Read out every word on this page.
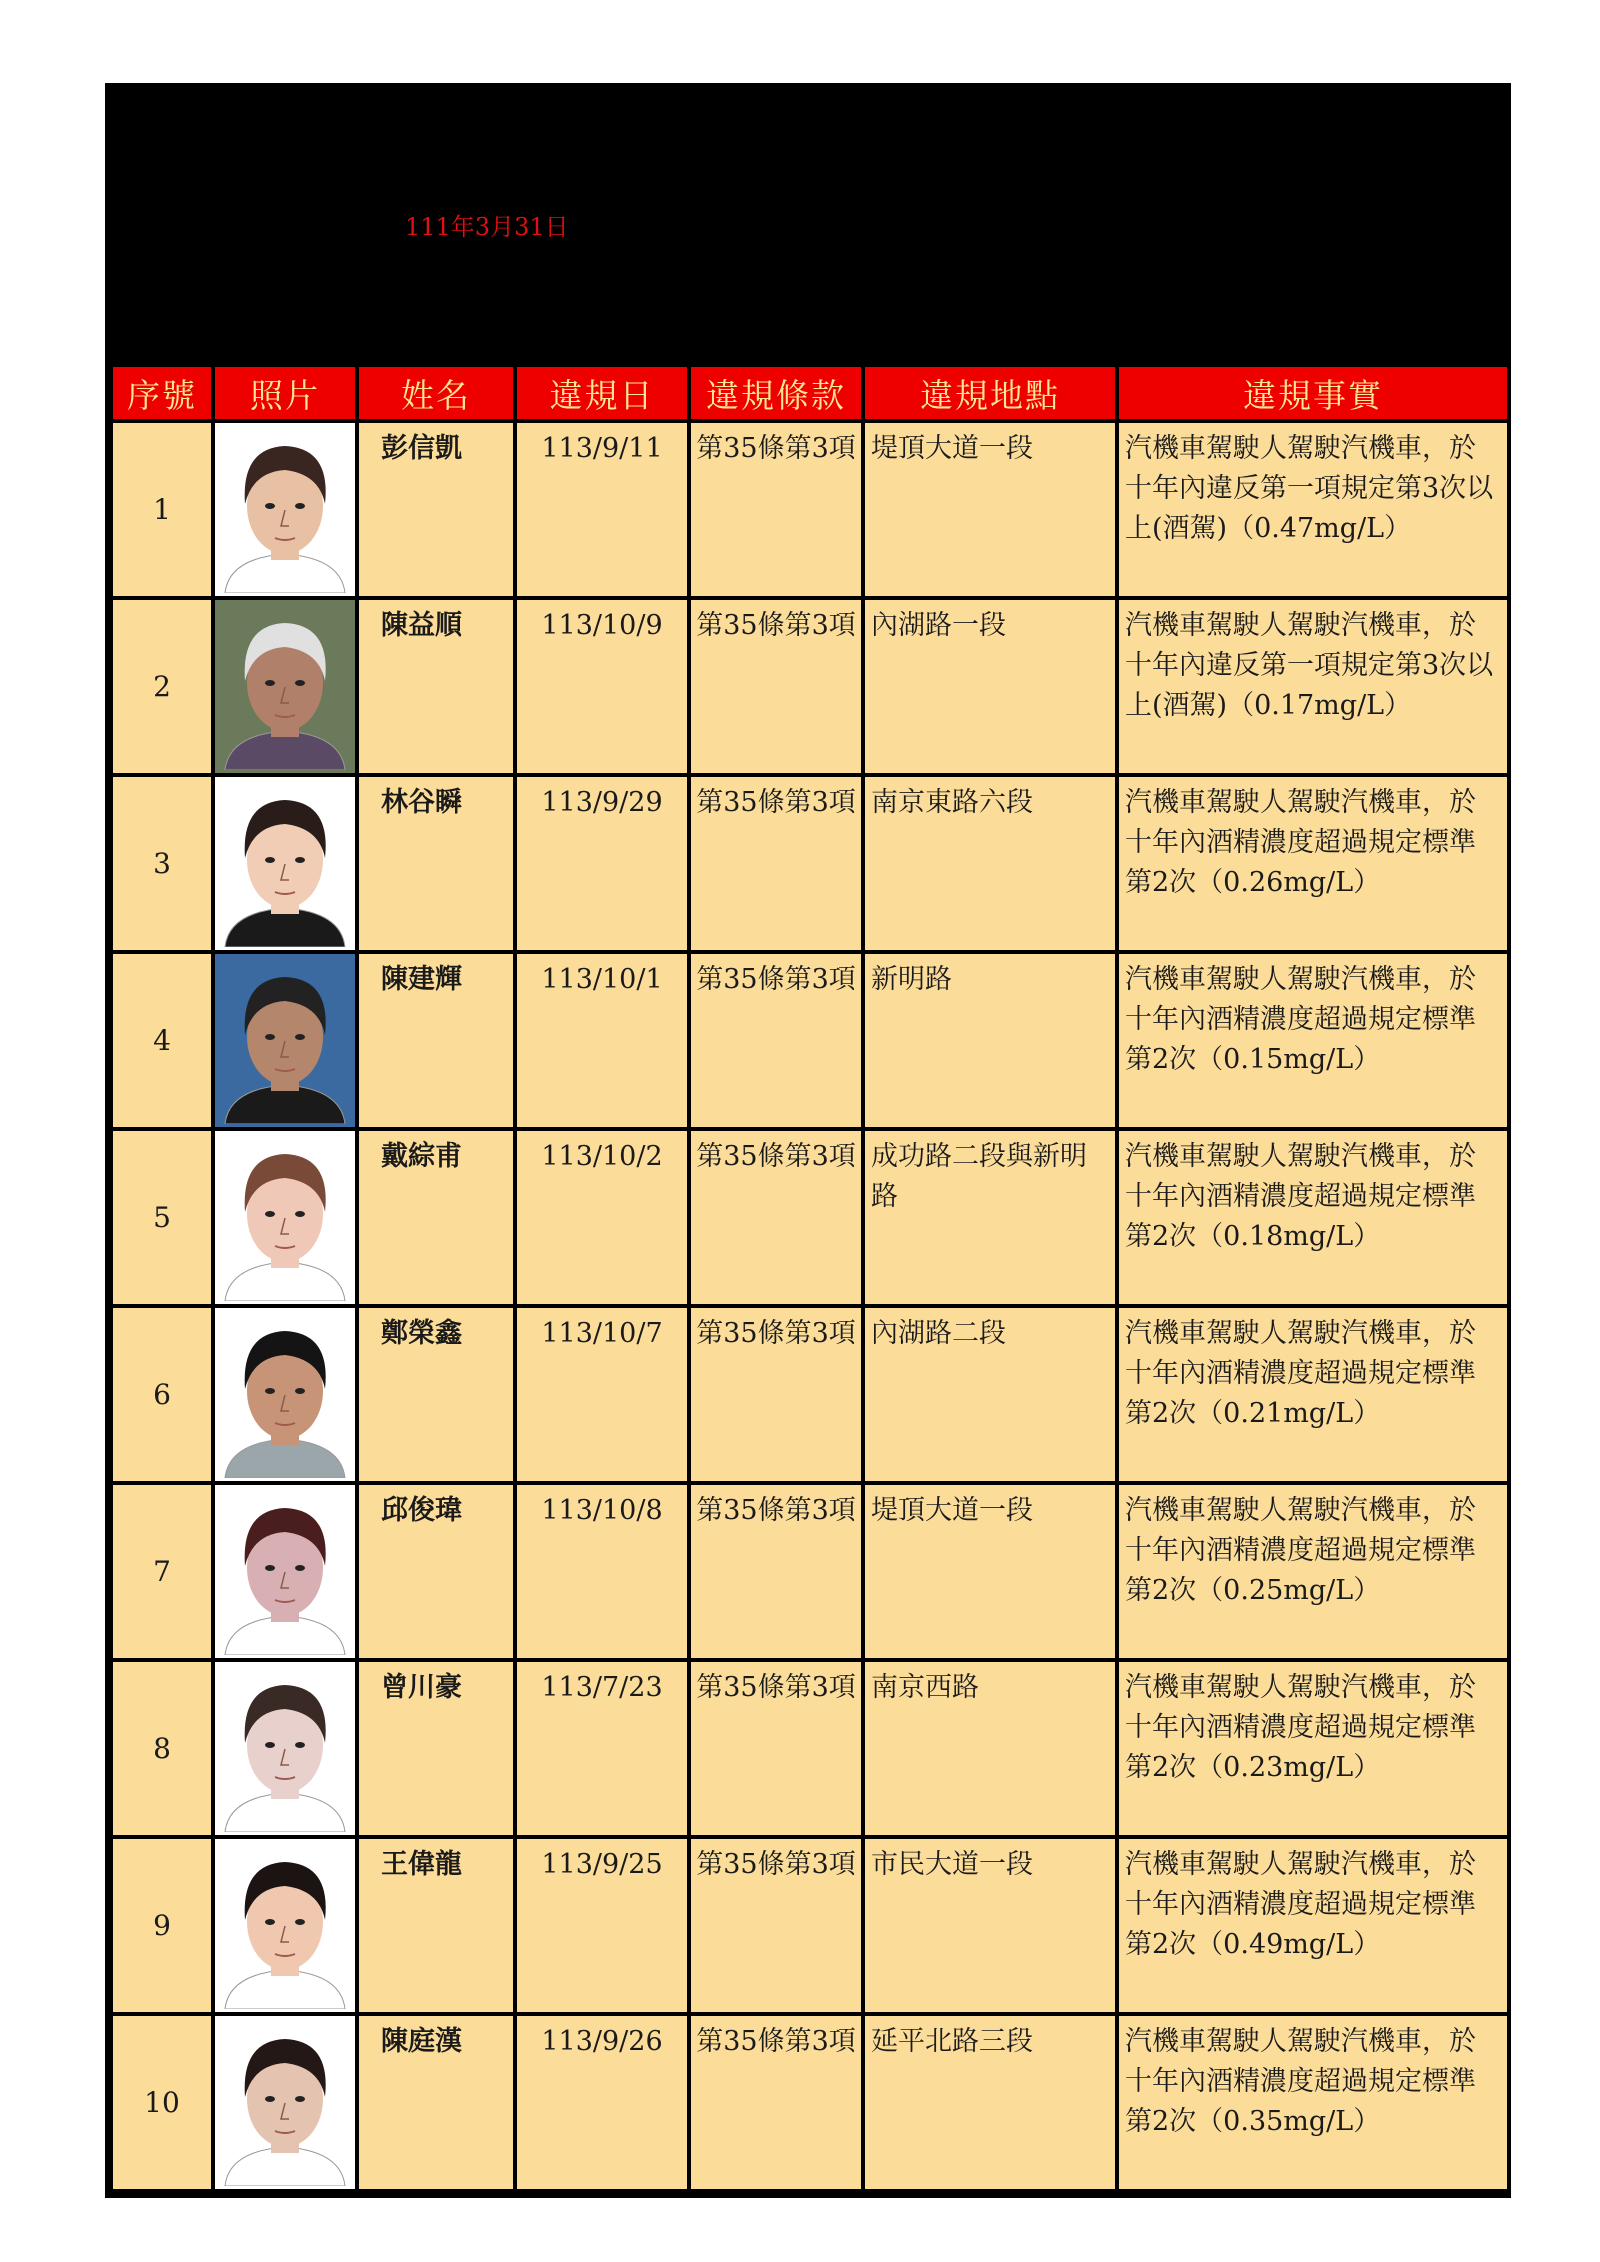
111年3月31日
序號	照片	姓名	違規日	違規條款	違規地點	違規事實
1		彭信凱	113/9/11	第35條第3項	堤頂大道一段	汽機車駕駛人駕駛汽機車，於十年內違反第一項規定第3次以上(酒駕)（0.47mg/L）
2		陳益順	113/10/9	第35條第3項	內湖路一段	汽機車駕駛人駕駛汽機車，於十年內違反第一項規定第3次以上(酒駕)（0.17mg/L）
3		林谷瞬	113/9/29	第35條第3項	南京東路六段	汽機車駕駛人駕駛汽機車，於十年內酒精濃度超過規定標準第2次（0.26mg/L）
4		陳建輝	113/10/1	第35條第3項	新明路	汽機車駕駛人駕駛汽機車，於十年內酒精濃度超過規定標準第2次（0.15mg/L）
5		戴綜甫	113/10/2	第35條第3項	成功路二段與新明路	汽機車駕駛人駕駛汽機車，於十年內酒精濃度超過規定標準第2次（0.18mg/L）
6		鄭榮鑫	113/10/7	第35條第3項	內湖路二段	汽機車駕駛人駕駛汽機車，於十年內酒精濃度超過規定標準第2次（0.21mg/L）
7		邱俊瑋	113/10/8	第35條第3項	堤頂大道一段	汽機車駕駛人駕駛汽機車，於十年內酒精濃度超過規定標準第2次（0.25mg/L）
8		曾川豪	113/7/23	第35條第3項	南京西路	汽機車駕駛人駕駛汽機車，於十年內酒精濃度超過規定標準第2次（0.23mg/L）
9		王偉龍	113/9/25	第35條第3項	市民大道一段	汽機車駕駛人駕駛汽機車，於十年內酒精濃度超過規定標準第2次（0.49mg/L）
10		陳庭漢	113/9/26	第35條第3項	延平北路三段	汽機車駕駛人駕駛汽機車，於十年內酒精濃度超過規定標準第2次（0.35mg/L）
